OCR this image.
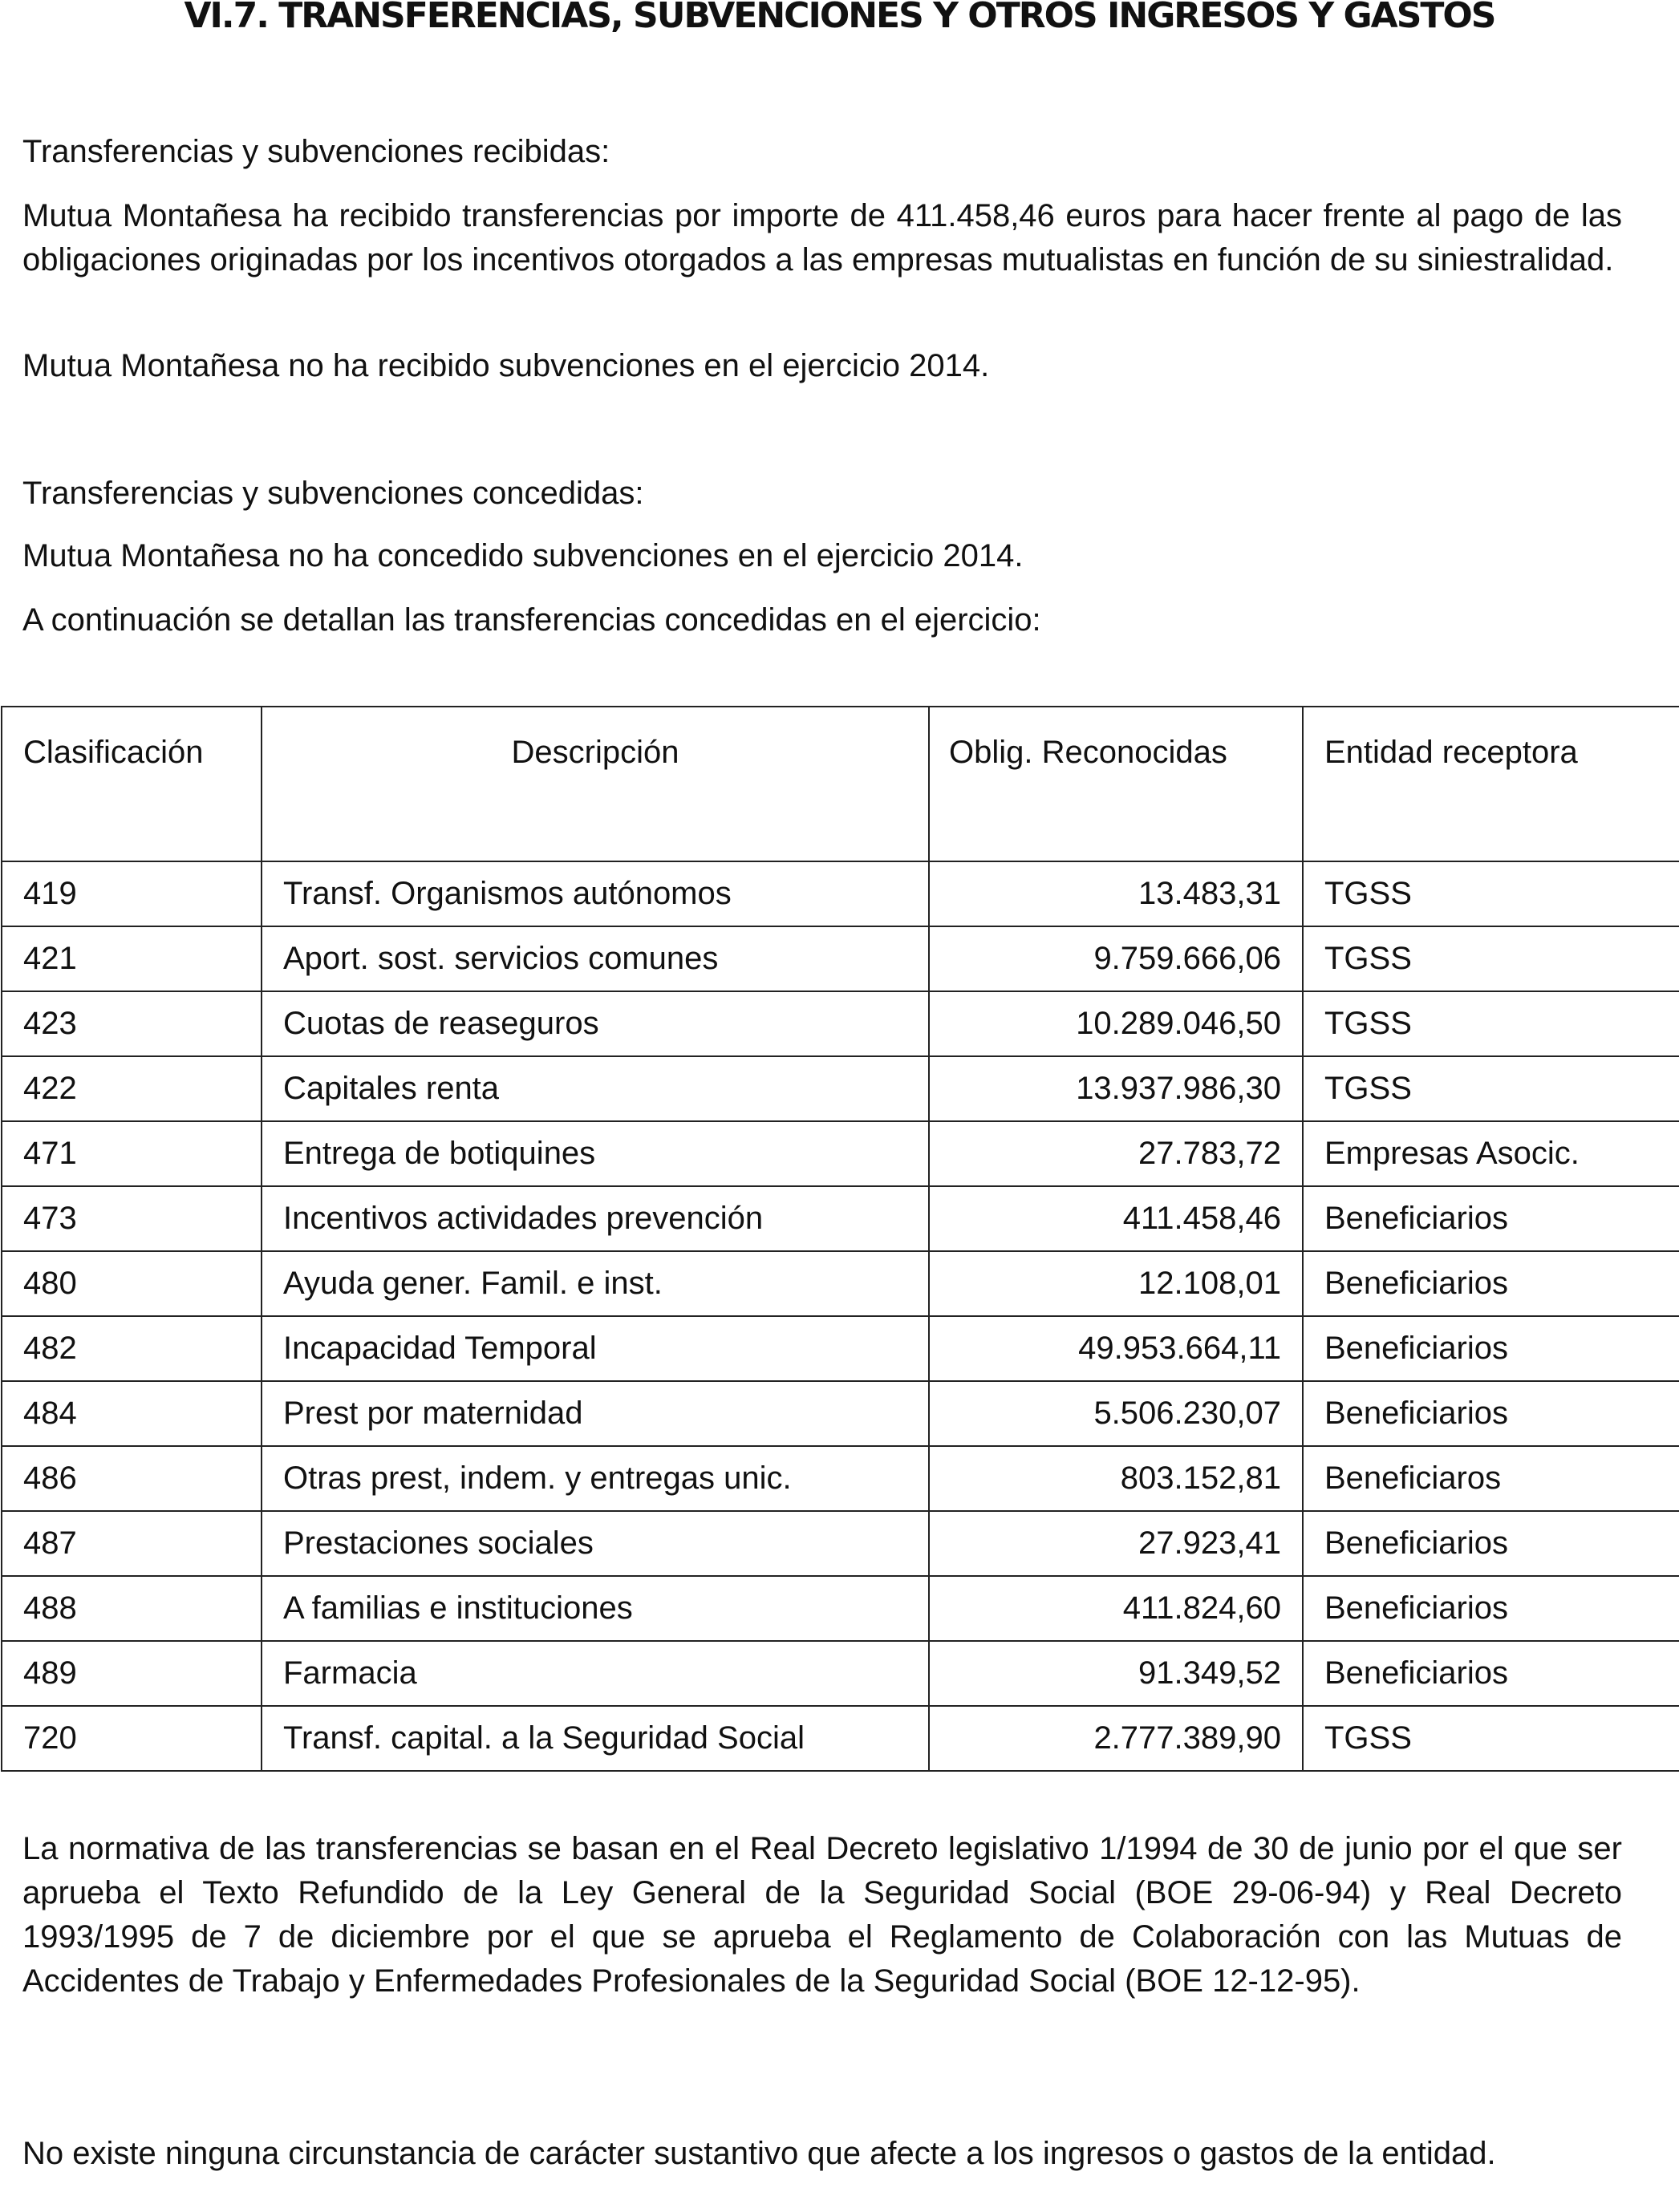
VI.7. TRANSFERENCIAS, SUBVENCIONES Y OTROS INGRESOS Y GASTOS

Transferencias y subvenciones recibidas:

Mutua Montañesa ha recibido transferencias por importe de 411.458,46 euros para hacer frente al pago de las obligaciones originadas por los incentivos otorgados a las empresas mutualistas en función de su siniestralidad.

Mutua Montañesa no ha recibido subvenciones en el ejercicio 2014.

Transferencias y subvenciones concedidas:

Mutua Montañesa no ha concedido subvenciones en el ejercicio 2014.

A continuación se detallan las transferencias concedidas en el ejercicio:

Clasificación	Descripción	Oblig. Reconocidas	Entidad receptora
419	Transf. Organismos autónomos	13.483,31	TGSS
421	Aport. sost. servicios comunes	9.759.666,06	TGSS
423	Cuotas de reaseguros	10.289.046,50	TGSS
422	Capitales renta	13.937.986,30	TGSS
471	Entrega de botiquines	27.783,72	Empresas Asocic.
473	Incentivos actividades prevención	411.458,46	Beneficiarios
480	Ayuda gener. Famil. e inst.	12.108,01	Beneficiarios
482	Incapacidad Temporal	49.953.664,11	Beneficiarios
484	Prest por maternidad	5.506.230,07	Beneficiarios
486	Otras prest, indem. y entregas unic.	803.152,81	Beneficiaros
487	Prestaciones sociales	27.923,41	Beneficiarios
488	A familias e instituciones	411.824,60	Beneficiarios
489	Farmacia	91.349,52	Beneficiarios
720	Transf. capital. a la Seguridad Social	2.777.389,90	TGSS

La normativa de las transferencias se basan en el Real Decreto legislativo 1/1994 de 30 de junio por el que ser aprueba el Texto Refundido de la Ley General de la Seguridad Social (BOE 29-06-94) y Real Decreto 1993/1995 de 7 de diciembre por el que se aprueba el Reglamento de Colaboración con las Mutuas de Accidentes de Trabajo y Enfermedades Profesionales de la Seguridad Social (BOE 12-12-95).

No existe ninguna circunstancia de carácter sustantivo que afecte a los ingresos o gastos de la entidad.
